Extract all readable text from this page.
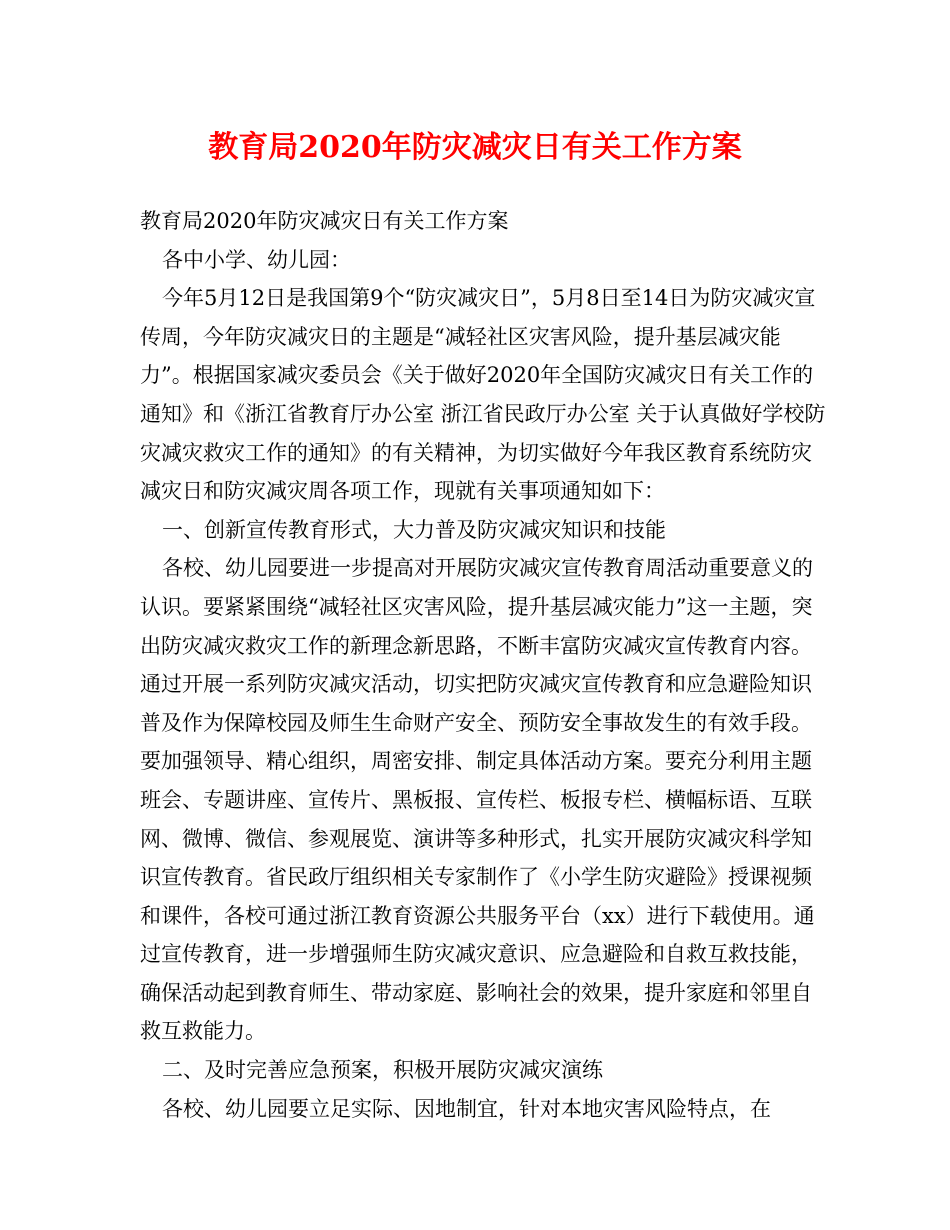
教育局2020年防灾减灾日有关工作方案

教育局2020年防灾减灾日有关工作方案

各中小学、幼儿园：

今年5月12日是我国第9个“防灾减灾日”，5月8日至14日为防灾减灾宣传周，今年防灾减灾日的主题是“减轻社区灾害风险，提升基层减灾能力”。根据国家减灾委员会《关于做好2020年全国防灾减灾日有关工作的通知》和《浙江省教育厅办公室 浙江省民政厅办公室 关于认真做好学校防灾减灾救灾工作的通知》的有关精神，为切实做好今年我区教育系统防灾减灾日和防灾减灾周各项工作，现就有关事项通知如下：

一、创新宣传教育形式，大力普及防灾减灾知识和技能

各校、幼儿园要进一步提高对开展防灾减灾宣传教育周活动重要意义的认识。要紧紧围绕“减轻社区灾害风险，提升基层减灾能力”这一主题，突出防灾减灾救灾工作的新理念新思路，不断丰富防灾减灾宣传教育内容。通过开展一系列防灾减灾活动，切实把防灾减灾宣传教育和应急避险知识普及作为保障校园及师生生命财产安全、预防安全事故发生的有效手段。要加强领导、精心组织，周密安排、制定具体活动方案。要充分利用主题班会、专题讲座、宣传片、黑板报、宣传栏、板报专栏、横幅标语、互联网、微博、微信、参观展览、演讲等多种形式，扎实开展防灾减灾科学知识宣传教育。省民政厅组织相关专家制作了《小学生防灾避险》授课视频和课件，各校可通过浙江教育资源公共服务平台（xx）进行下载使用。通过宣传教育，进一步增强师生防灾减灾意识、应急避险和自救互救技能，确保活动起到教育师生、带动家庭、影响社会的效果，提升家庭和邻里自救互救能力。

二、及时完善应急预案，积极开展防灾减灾演练

各校、幼儿园要立足实际、因地制宜，针对本地灾害风险特点，在
